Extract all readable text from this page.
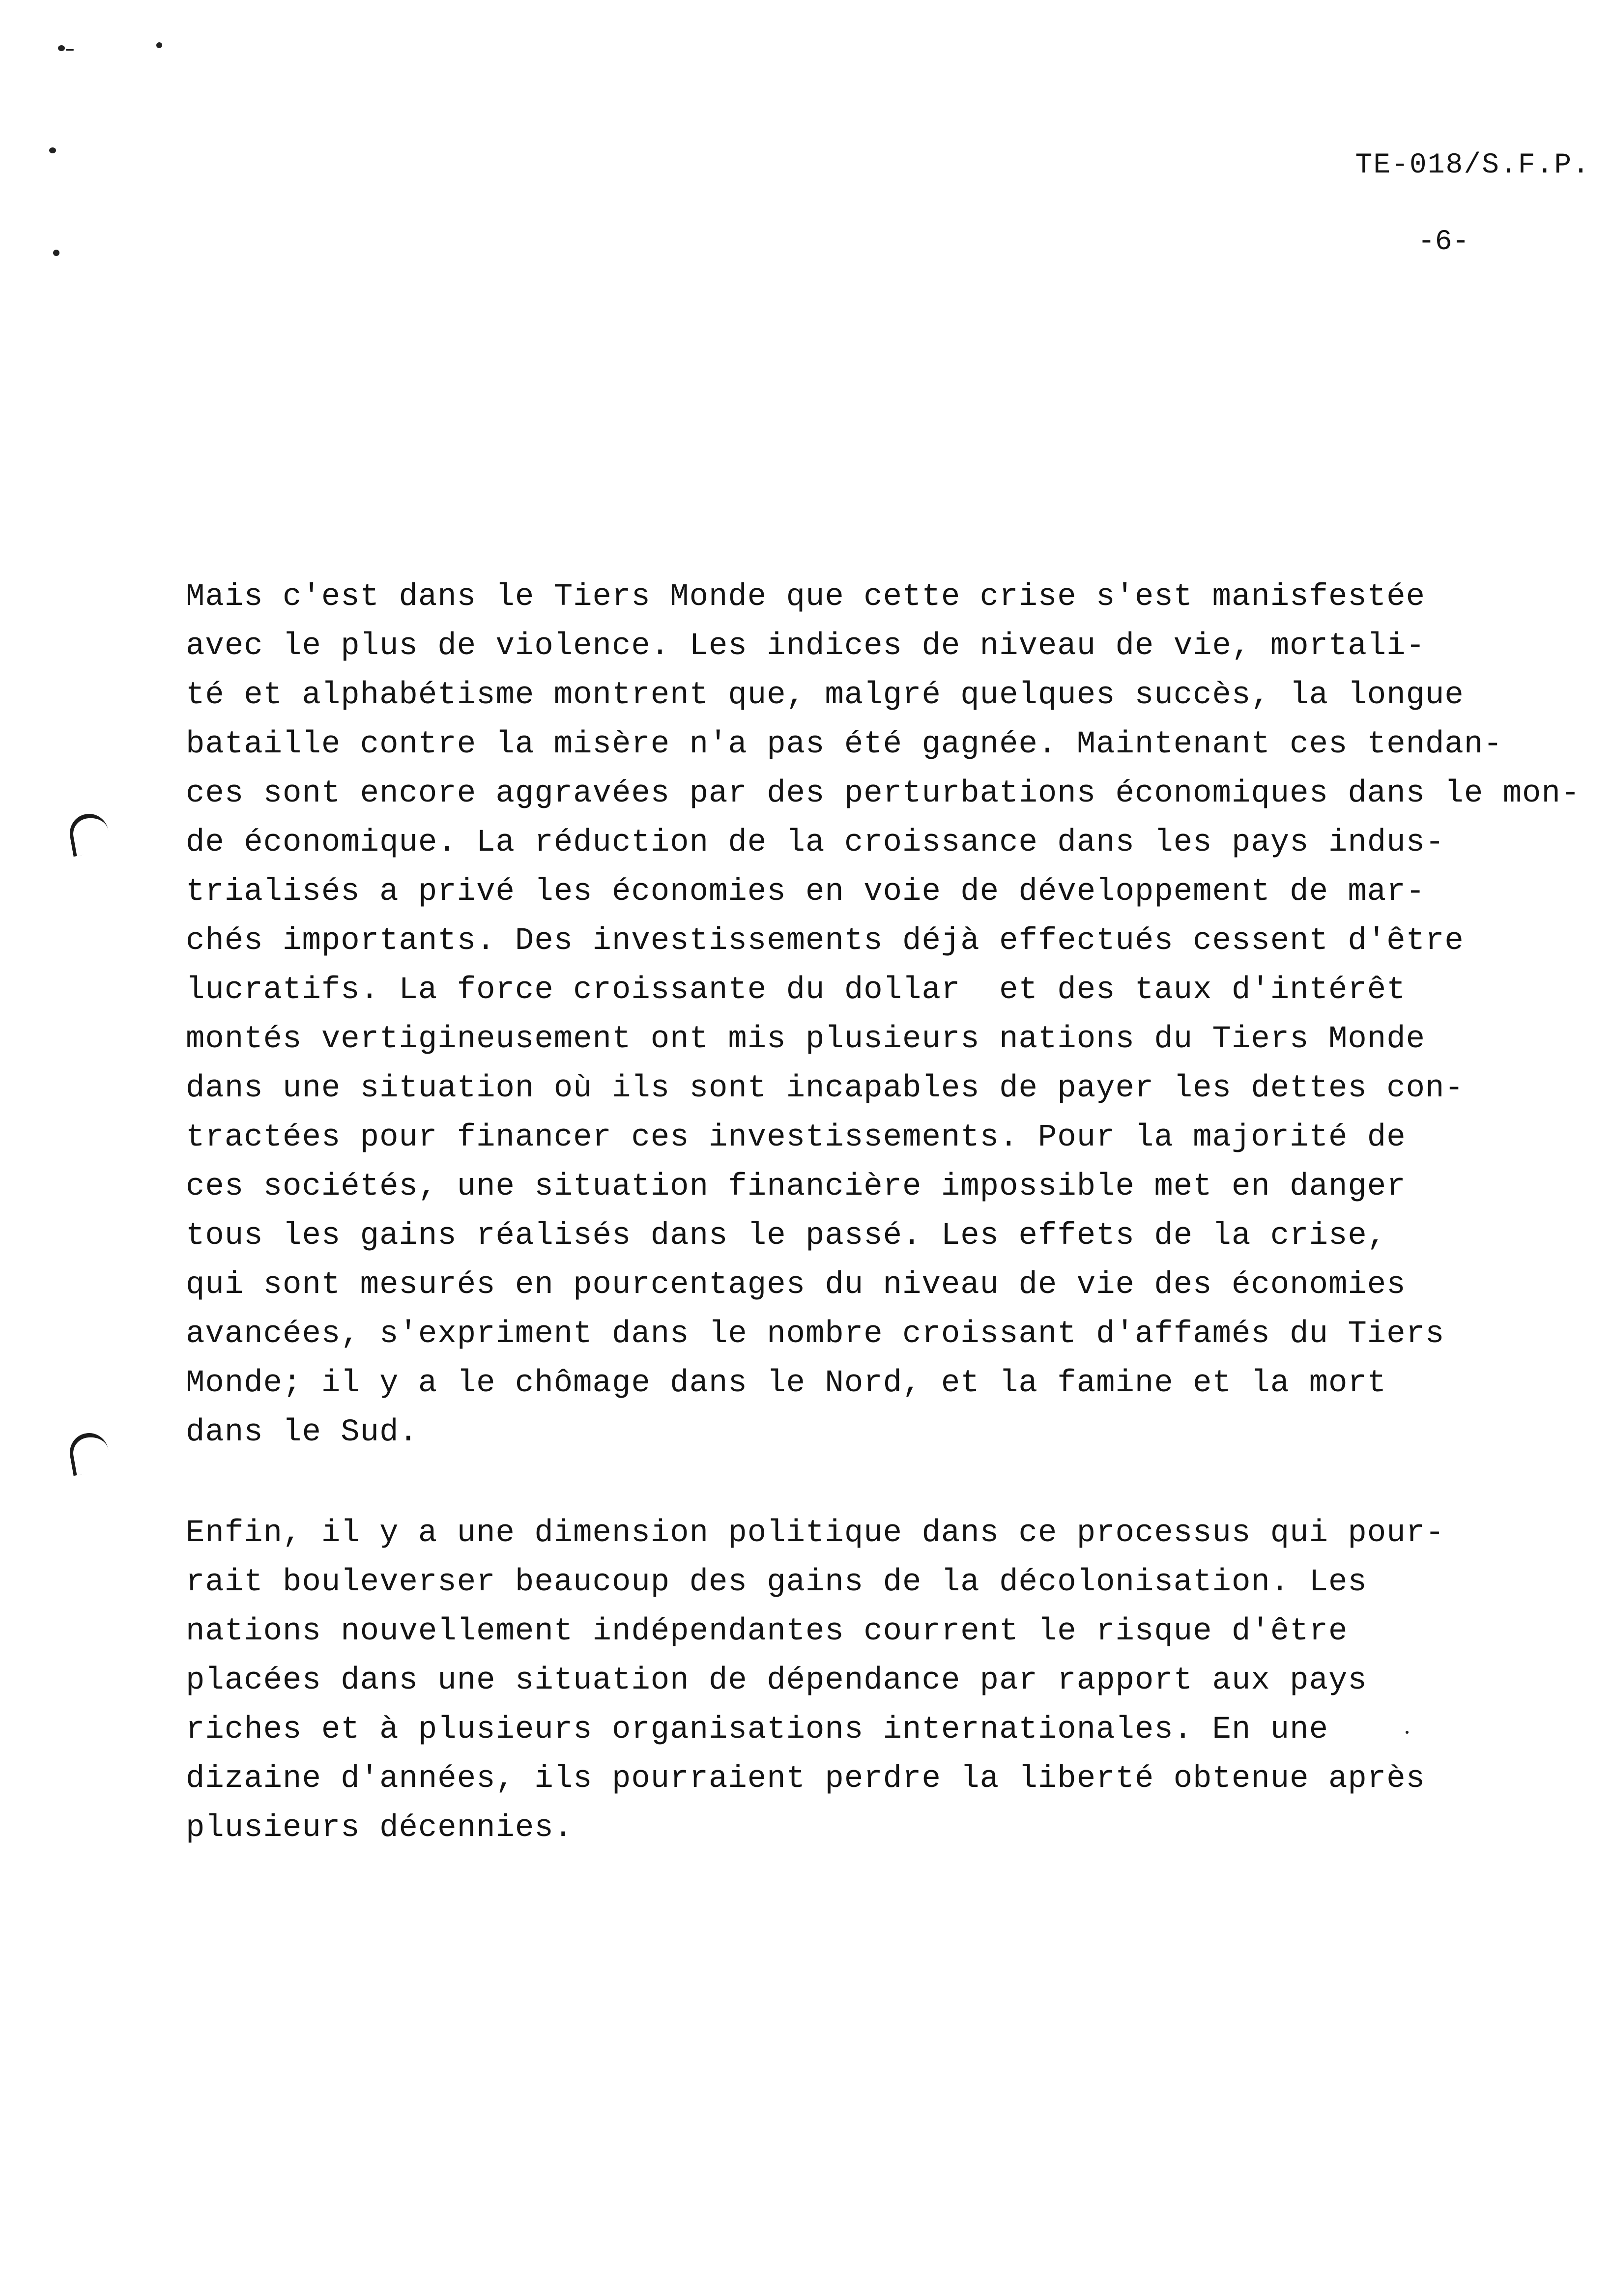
TE-018/S.F.P.

-6-

Mais c'est dans le Tiers Monde que cette crise s'est manisfestée
avec le plus de violence. Les indices de niveau de vie, mortali-
té et alphabétisme montrent que, malgré quelques succès, la longue
bataille contre la misère n'a pas été gagnée. Maintenant ces tendan-
ces sont encore aggravées par des perturbations économiques dans le mon-
de économique. La réduction de la croissance dans les pays indus-
trialisés a privé les économies en voie de développement de mar-
chés importants. Des investissements déjà effectués cessent d'être
lucratifs. La force croissante du dollar  et des taux d'intérêt
montés vertigineusement ont mis plusieurs nations du Tiers Monde
dans une situation où ils sont incapables de payer les dettes con-
tractées pour financer ces investissements. Pour la majorité de
ces sociétés, une situation financière impossible met en danger
tous les gains réalisés dans le passé. Les effets de la crise,
qui sont mesurés en pourcentages du niveau de vie des économies
avancées, s'expriment dans le nombre croissant d'affamés du Tiers
Monde; il y a le chômage dans le Nord, et la famine et la mort
dans le Sud.
Enfin, il y a une dimension politique dans ce processus qui pour-
rait bouleverser beaucoup des gains de la décolonisation. Les
nations nouvellement indépendantes courrent le risque d'être
placées dans une situation de dépendance par rapport aux pays
riches et à plusieurs organisations internationales. En une
dizaine d'années, ils pourraient perdre la liberté obtenue après
plusieurs décennies.
